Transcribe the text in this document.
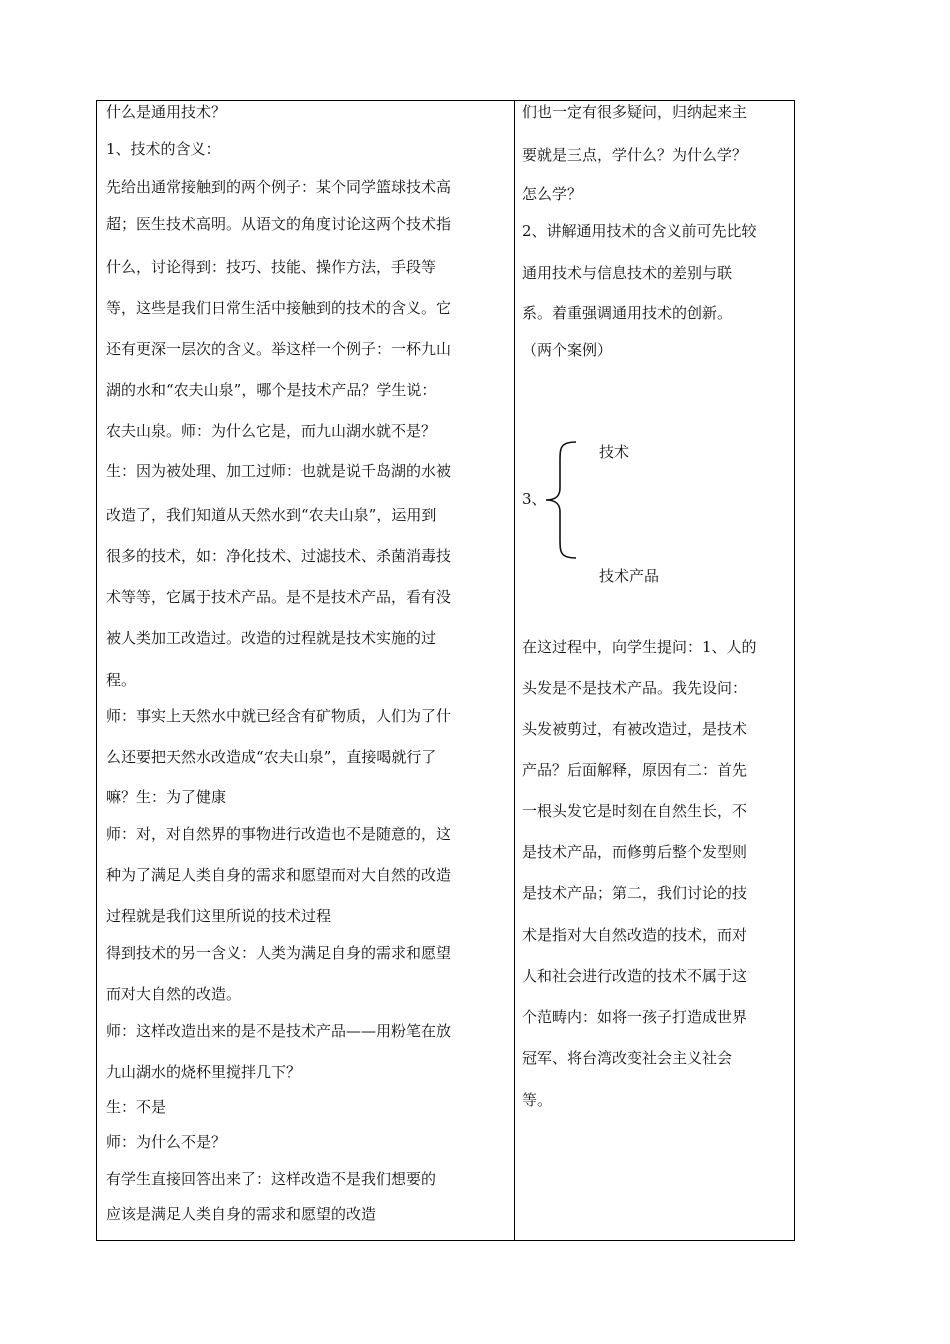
什么是通用技术？
1、技术的含义：
先给出通常接触到的两个例子：某个同学篮球技术高
超；医生技术高明。从语文的角度讨论这两个技术指
什么，讨论得到：技巧、技能、操作方法，手段等
等，这些是我们日常生活中接触到的技术的含义。它
还有更深一层次的含义。举这样一个例子：一杯九山
湖的水和“农夫山泉”，哪个是技术产品？学生说：
农夫山泉。师：为什么它是，而九山湖水就不是？
生：因为被处理、加工过师：也就是说千岛湖的水被
改造了，我们知道从天然水到“农夫山泉”，运用到
很多的技术，如：净化技术、过滤技术、杀菌消毒技
术等等，它属于技术产品。是不是技术产品，看有没
被人类加工改造过。改造的过程就是技术实施的过
程。
师：事实上天然水中就已经含有矿物质，人们为了什
么还要把天然水改造成“农夫山泉”，直接喝就行了
嘛？生：为了健康
师：对，对自然界的事物进行改造也不是随意的，这
种为了满足人类自身的需求和愿望而对大自然的改造
过程就是我们这里所说的技术过程
得到技术的另一含义：人类为满足自身的需求和愿望
而对大自然的改造。
师：这样改造出来的是不是技术产品——用粉笔在放
九山湖水的烧杯里搅拌几下？
生：不是
师：为什么不是？
有学生直接回答出来了：这样改造不是我们想要的
应该是满足人类自身的需求和愿望的改造
们也一定有很多疑问，归纳起来主
要就是三点，学什么？为什么学？
怎么学？
2、讲解通用技术的含义前可先比较
通用技术与信息技术的差别与联
系。着重强调通用技术的创新。
（两个案例）
3、
技术
技术产品
在这过程中，向学生提问：1、人的
头发是不是技术产品。我先设问：
头发被剪过，有被改造过，是技术
产品？后面解释，原因有二：首先
一根头发它是时刻在自然生长，不
是技术产品，而修剪后整个发型则
是技术产品；第二，我们讨论的技
术是指对大自然改造的技术，而对
人和社会进行改造的技术不属于这
个范畴内：如将一孩子打造成世界
冠军、将台湾改变社会主义社会
等。
